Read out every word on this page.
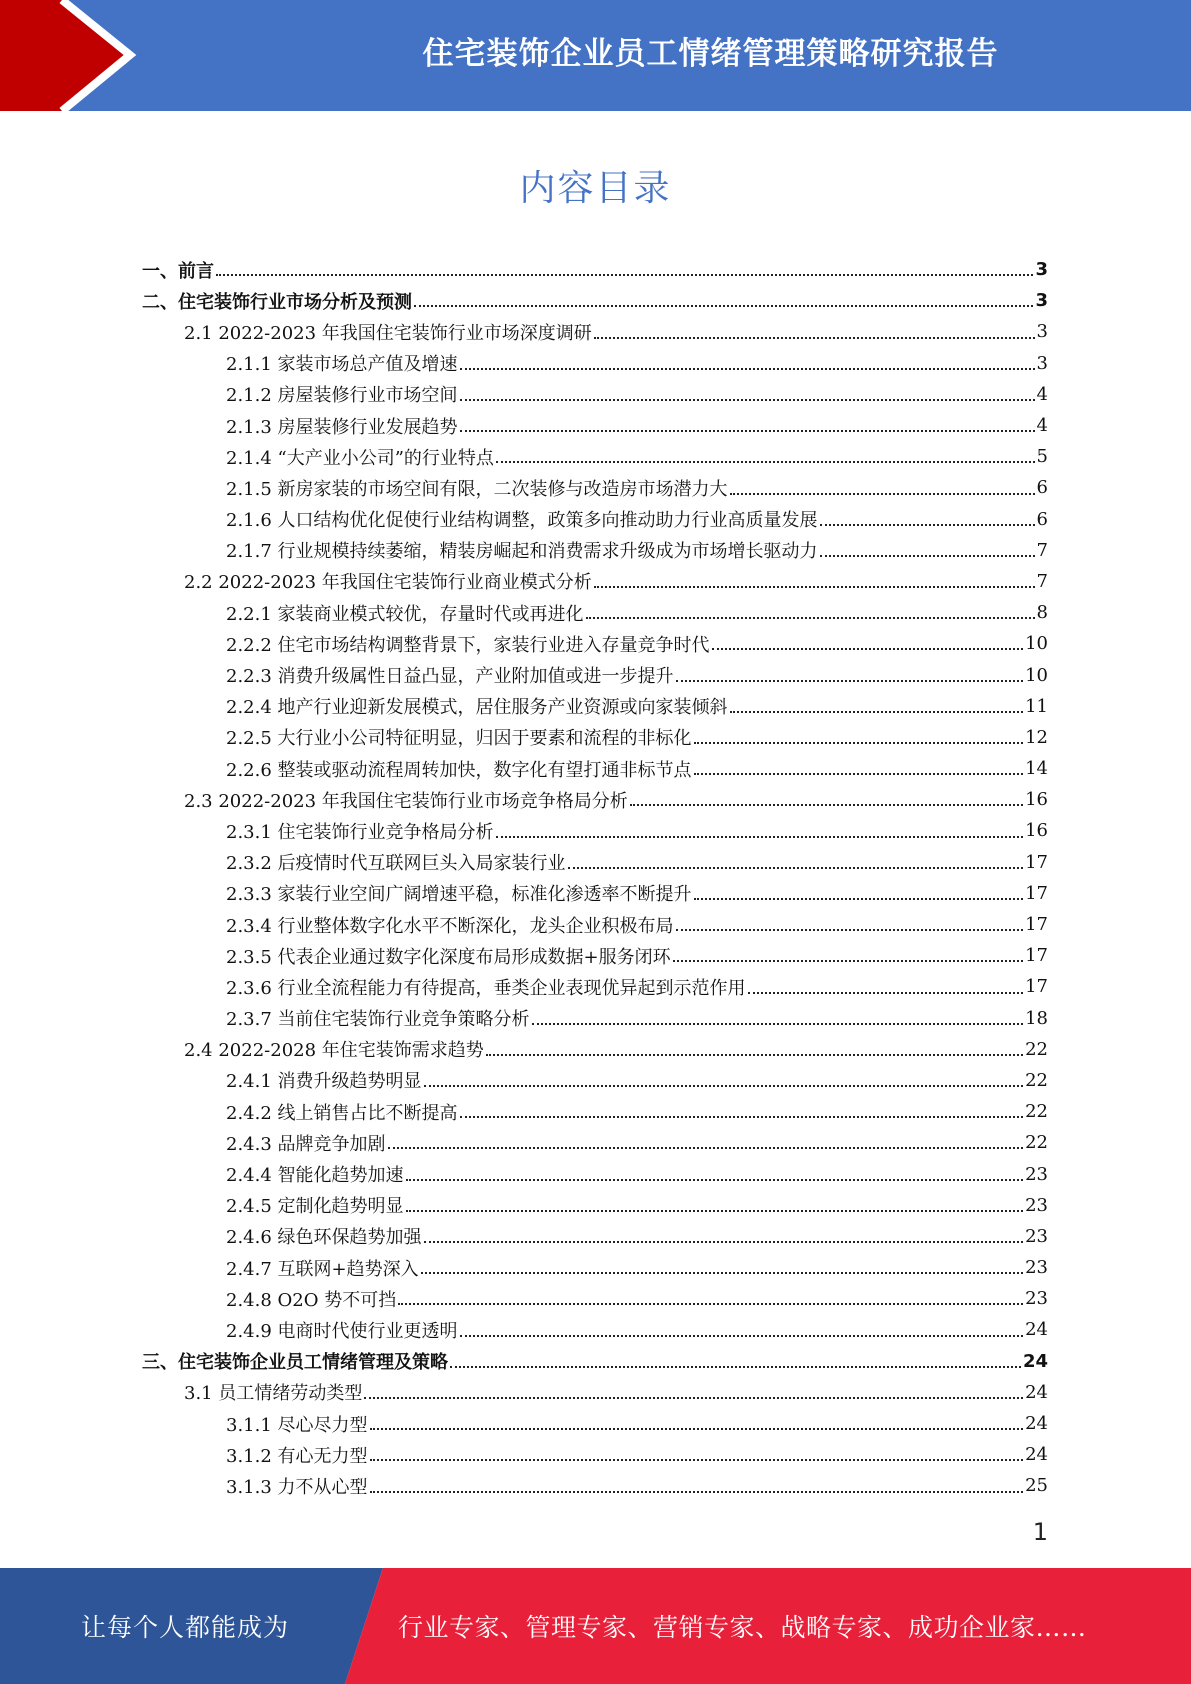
住宅装饰企业员工情绪管理策略研究报告
内容目录
一、前言	3
二、住宅装饰行业市场分析及预测	3
2.1 2022-2023 年我国住宅装饰行业市场深度调研	3
2.1.1 家装市场总产值及增速	3
2.1.2 房屋装修行业市场空间	4
2.1.3 房屋装修行业发展趋势	4
2.1.4 “大产业小公司”的行业特点	5
2.1.5 新房家装的市场空间有限，二次装修与改造房市场潜力大	6
2.1.6 人口结构优化促使行业结构调整，政策多向推动助力行业高质量发展	6
2.1.7 行业规模持续萎缩，精装房崛起和消费需求升级成为市场增长驱动力	7
2.2 2022-2023 年我国住宅装饰行业商业模式分析	7
2.2.1 家装商业模式较优，存量时代或再进化	8
2.2.2 住宅市场结构调整背景下，家装行业进入存量竞争时代	10
2.2.3 消费升级属性日益凸显，产业附加值或进一步提升	10
2.2.4 地产行业迎新发展模式，居住服务产业资源或向家装倾斜	11
2.2.5 大行业小公司特征明显，归因于要素和流程的非标化	12
2.2.6 整装或驱动流程周转加快，数字化有望打通非标节点	14
2.3 2022-2023 年我国住宅装饰行业市场竞争格局分析	16
2.3.1 住宅装饰行业竞争格局分析	16
2.3.2 后疫情时代互联网巨头入局家装行业	17
2.3.3 家装行业空间广阔增速平稳，标准化渗透率不断提升	17
2.3.4 行业整体数字化水平不断深化，龙头企业积极布局	17
2.3.5 代表企业通过数字化深度布局形成数据+服务闭环	17
2.3.6 行业全流程能力有待提高，垂类企业表现优异起到示范作用	17
2.3.7 当前住宅装饰行业竞争策略分析	18
2.4 2022-2028 年住宅装饰需求趋势	22
2.4.1 消费升级趋势明显	22
2.4.2 线上销售占比不断提高	22
2.4.3 品牌竞争加剧	22
2.4.4 智能化趋势加速	23
2.4.5 定制化趋势明显	23
2.4.6 绿色环保趋势加强	23
2.4.7 互联网+趋势深入	23
2.4.8 O2O 势不可挡	23
2.4.9 电商时代使行业更透明	24
三、住宅装饰企业员工情绪管理及策略	24
3.1 员工情绪劳动类型	24
3.1.1 尽心尽力型	24
3.1.2 有心无力型	24
3.1.3 力不从心型	25
1
让每个人都能成为	行业专家、管理专家、营销专家、战略专家、成功企业家……
